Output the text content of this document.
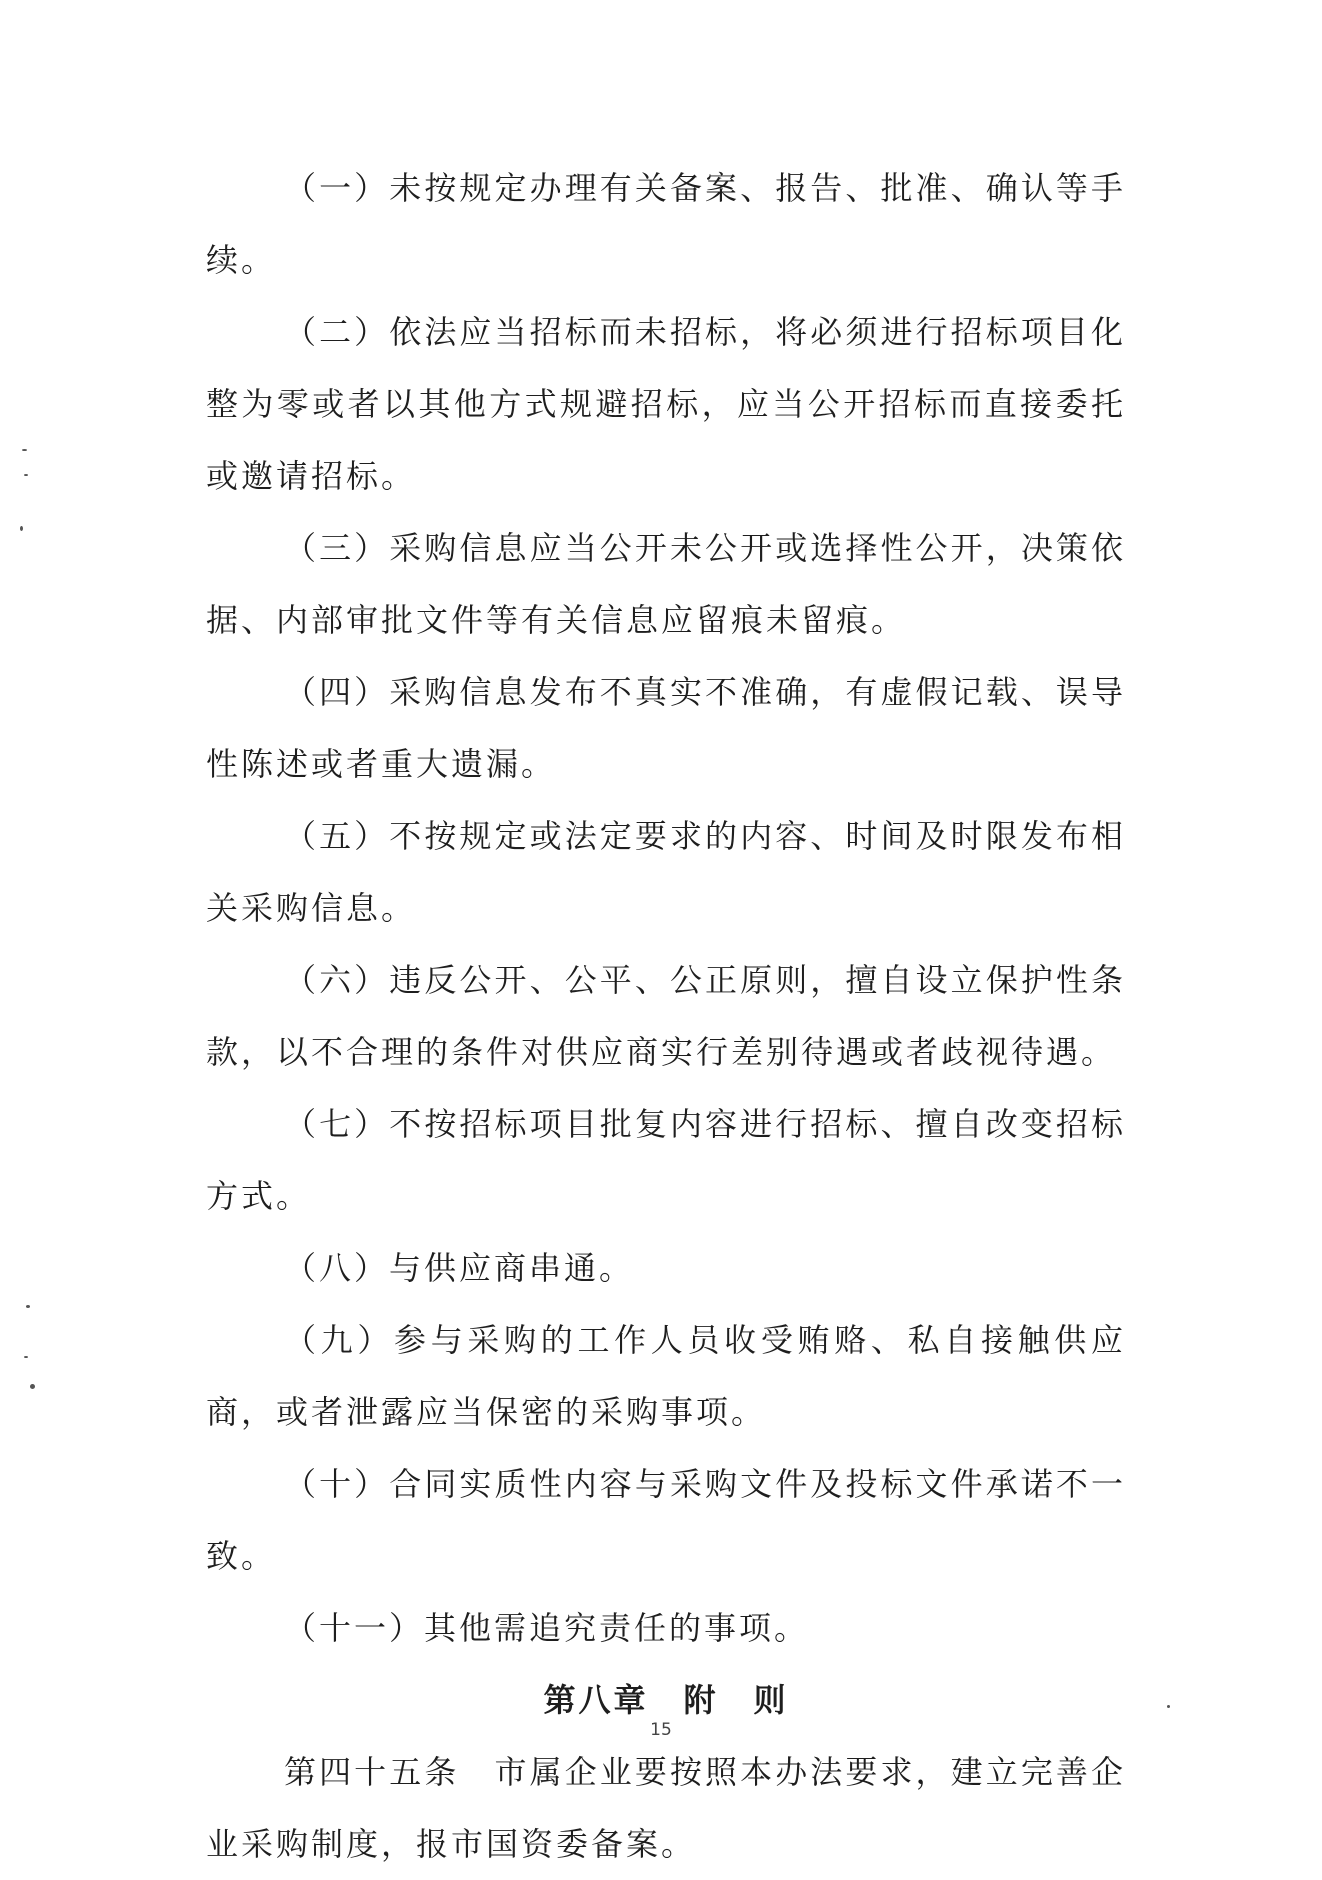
（一）未按规定办理有关备案、报告、批准、确认等手续。

（二）依法应当招标而未招标，将必须进行招标项目化整为零或者以其他方式规避招标，应当公开招标而直接委托或邀请招标。

（三）采购信息应当公开未公开或选择性公开，决策依据、内部审批文件等有关信息应留痕未留痕。

（四）采购信息发布不真实不准确，有虚假记载、误导性陈述或者重大遗漏。

（五）不按规定或法定要求的内容、时间及时限发布相关采购信息。

（六）违反公开、公平、公正原则，擅自设立保护性条款，以不合理的条件对供应商实行差别待遇或者歧视待遇。

（七）不按招标项目批复内容进行招标、擅自改变招标方式。

（八）与供应商串通。

（九）参与采购的工作人员收受贿赂、私自接触供应商，或者泄露应当保密的采购事项。

（十）合同实质性内容与采购文件及投标文件承诺不一致。

（十一）其他需追究责任的事项。

第八章　附　则

第四十五条　市属企业要按照本办法要求，建立完善企业采购制度，报市国资委备案。

15
